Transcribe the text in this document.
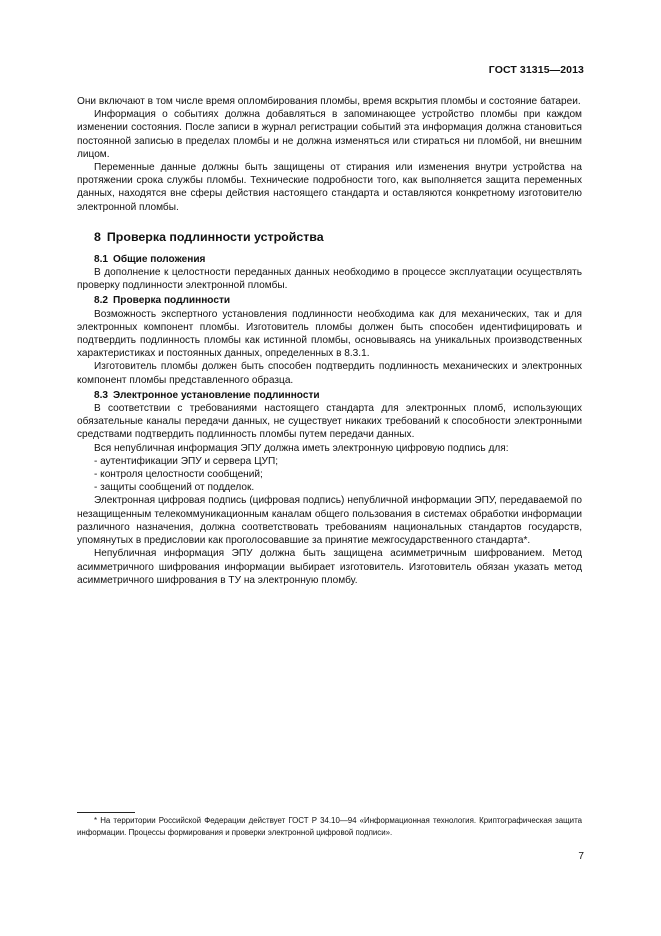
ГОСТ 31315—2013

Они включают в том числе время опломбирования пломбы, время вскрытия пломбы и состояние батареи.

Информация о событиях должна добавляться в запоминающее устройство пломбы при каждом изменении состояния. После записи в журнал регистрации событий эта информация должна становиться постоянной записью в пределах пломбы и не должна изменяться или стираться ни пломбой, ни внешним лицом.

Переменные данные должны быть защищены от стирания или изменения внутри устройства на протяжении срока службы пломбы. Технические подробности того, как выполняется защита переменных данных, находятся вне сферы действия настоящего стандарта и оставляются конкретному изготовителю электронной пломбы.

8 Проверка подлинности устройства

8.1 Общие положения

В дополнение к целостности переданных данных необходимо в процессе эксплуатации осуществлять проверку подлинности электронной пломбы.

8.2 Проверка подлинности

Возможность экспертного установления подлинности необходима как для механических, так и для электронных компонент пломбы. Изготовитель пломбы должен быть способен идентифицировать и подтвердить подлинность пломбы как истинной пломбы, основываясь на уникальных производственных характеристиках и постоянных данных, определенных в 8.3.1.

Изготовитель пломбы должен быть способен подтвердить подлинность механических и электронных компонент пломбы представленного образца.

8.3 Электронное установление подлинности

В соответствии с требованиями настоящего стандарта для электронных пломб, использующих обязательные каналы передачи данных, не существует никаких требований к способности электронными средствами подтвердить подлинность пломбы путем передачи данных.

Вся непубличная информация ЭПУ должна иметь электронную цифровую подпись для:

- аутентификации ЭПУ и сервера ЦУП;

- контроля целостности сообщений;

- защиты сообщений от подделок.

Электронная цифровая подпись (цифровая подпись) непубличной информации ЭПУ, передаваемой по незащищенным телекоммуникационным каналам общего пользования в системах обработки информации различного назначения, должна соответствовать требованиям национальных стандартов государств, упомянутых в предисловии как проголосовавшие за принятие межгосударственного стандарта*.

Непубличная информация ЭПУ должна быть защищена асимметричным шифрованием. Метод асимметричного шифрования информации выбирает изготовитель. Изготовитель обязан указать метод асимметричного шифрования в ТУ на электронную пломбу.

* На территории Российской Федерации действует ГОСТ Р 34.10—94 «Информационная технология. Криптографическая защита информации. Процессы формирования и проверки электронной цифровой подписи».
7
